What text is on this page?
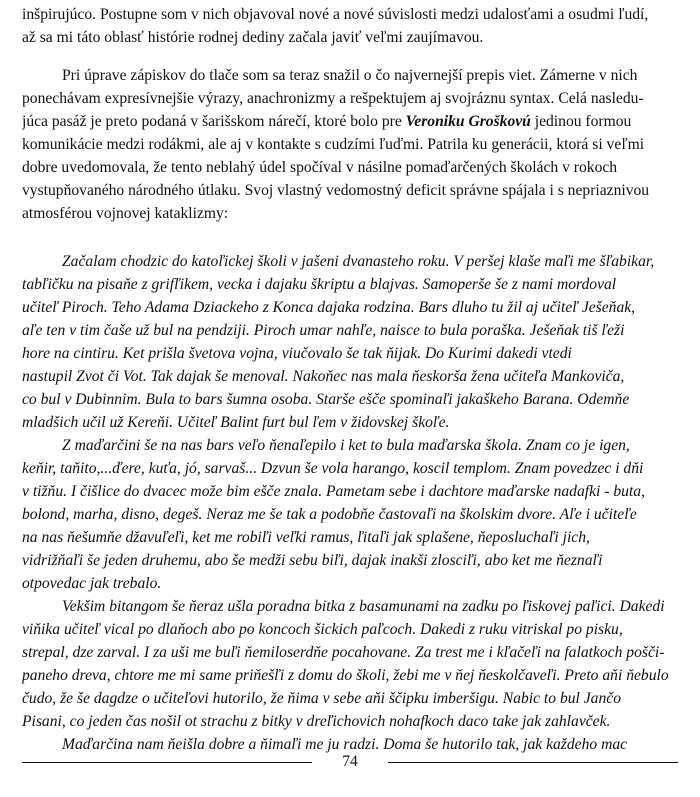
inšpirujúco. Postupne som v nich objavoval nové a nové súvislosti medzi udalosťami a osudmi ľudí,
až sa mi táto oblasť histórie rodnej dediny začala javiť veľmi zaujímavou.
Pri úprave zápiskov do tlače som sa teraz snažil o čo najvernejší prepis viet. Zámerne v nich
ponechávam expresívnejšie výrazy, anachronizmy a rešpektujem aj svojráznu syntax. Celá nasledu-
júca pasáž je preto podaná v šarišskom nárečí, ktoré bolo pre Veroniku Groškovú jedinou formou
komunikácie medzi rodákmi, ale aj v kontakte s cudzími ľuďmi. Patrila ku generácii, ktorá si veľmi
dobre uvedomovala, že tento neblahý údel spočíval v násilne pomaďarčených školách v rokoch
vystupňovaného národného útlaku. Svoj vlastný vedomostný deficit správne spájala i s nepriaznivou
atmosférou vojnovej kataklizmy:
Začalam chodzic do katoľickej školi v jašeni dvanasteho roku. V peršej klaše maľi me šľabikar,
tabľičku na pisaňe z grifľikem, vecka i dajaku škriptu a blajvas. Samoperše še z nami mordoval
učiteľ Piroch. Teho Adama Dziackeho z Konca dajaka rodzina. Bars dluho tu žil aj učiteľ Ješeňak,
aľe ten v tim čaše už bul na pendziji. Piroch umar nahľe, naisce to bula poraška. Ješeňak tiš ľeži
hore na cintiru. Ket prišla švetova vojna, viučovalo še tak ňijak. Do Kurimi dakedi vtedi
nastupil Zvot či Vot. Tak dajak še menoval. Nakoňec nas mala ňeskorša žena učiteľa Mankoviča,
co bul v Dubinnim. Bula to bars šumna osoba. Starše ešče spominaľi jakaškeho Barana. Odemňe
mladšich učil už Kereňi. Učiteľ Balint furt bul ľem v židovskej škoľe.
Z maďarčini še na nas bars veľo ňenaľepilo i ket to bula maďarska škola. Znam co je igen,
keňir, taňito,...ďere, kuťa, jó, sarvaš... Dzvun še vola harango, koscil templom. Znam povedzec i dňi
v tižňu. I čišlice do dvacec može bim ešče znala. Pametam sebe i dachtore maďarske nadafki - buta,
bolond, marha, disno, degeš. Neraz me še tak a podobňe častovaľi na školskim dvore. Aľe i učiteľe
na nas ňešumňe džavuľeľi, ket me robiľi veľki ramus, ľitaľi jak splašene, ňeposluchaľi jich,
vidrižňaľi še jeden druhemu, abo še medži sebu biľi, dajak inakši zlosciľi, abo ket me ňeznaľi
otpovedac jak trebalo.
Vekšim bitangom še ňeraz ušla poradna bitka z basamunami na zadku po ľiskovej paľici. Dakedi
viňika učiteľ vical po dlaňoch abo po koncoch šickich paľcoch. Dakedi z ruku vitriskal po pisku,
strepal, dze zarval. I za uši me buľi ňemiloserdňe pocahovane. Za trest me i kľačeľi na falatkoch pošči-
paneho dreva, chtore me mi same priňešľi z domu do školi, žebi me v ňej ňeskolčaveľi. Preto aňi ňebulo
čudo, že še dagdze o učiteľovi hutorilo, že ňima v sebe aňi ščipku imberšigu. Nabic to bul Jančo
Pisani, co jeden čas nošil ot strachu z bitky v dreľichovich nohafkoch daco take jak zahlavček.
Maďarčina nam ňeišla dobre a ňimaľi me ju radzi. Doma še hutorilo tak, jak každeho mac
74
